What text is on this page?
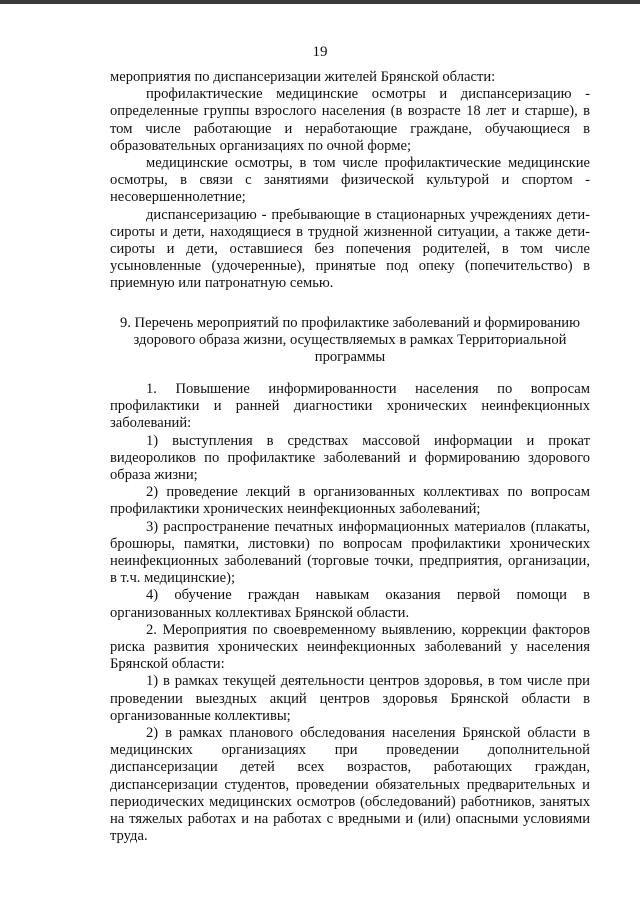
19

мероприятия по диспансеризации жителей Брянской области:

профилактические медицинские осмотры и диспансеризацию - определенные группы взрослого населения (в возрасте 18 лет и старше), в том числе работающие и неработающие граждане, обучающиеся в образовательных организациях по очной форме;

медицинские осмотры, в том числе профилактические медицинские осмотры, в связи с занятиями физической культурой и спортом - несовершеннолетние;

диспансеризацию - пребывающие в стационарных учреждениях дети-сироты и дети, находящиеся в трудной жизненной ситуации, а также дети-сироты и дети, оставшиеся без попечения родителей, в том числе усыновленные (удочеренные), принятые под опеку (попечительство) в приемную или патронатную семью.

9. Перечень мероприятий по профилактике заболеваний и формированию здорового образа жизни, осуществляемых в рамках Территориальной программы

1. Повышение информированности населения по вопросам профилактики и ранней диагностики хронических неинфекционных заболеваний:

1) выступления в средствах массовой информации и прокат видеороликов по профилактике заболеваний и формированию здорового образа жизни;

2) проведение лекций в организованных коллективах по вопросам профилактики хронических неинфекционных заболеваний;

3) распространение печатных информационных материалов (плакаты, брошюры, памятки, листовки) по вопросам профилактики хронических неинфекционных заболеваний (торговые точки, предприятия, организации, в т.ч. медицинские);

4) обучение граждан навыкам оказания первой помощи в организованных коллективах Брянской области.

2. Мероприятия по своевременному выявлению, коррекции факторов риска развития хронических неинфекционных заболеваний у населения Брянской области:

1) в рамках текущей деятельности центров здоровья, в том числе при проведении выездных акций центров здоровья Брянской области в организованные коллективы;

2) в рамках планового обследования населения Брянской области в медицинских организациях при проведении дополнительной диспансеризации детей всех возрастов, работающих граждан, диспансеризации студентов, проведении обязательных предварительных и периодических медицинских осмотров (обследований) работников, занятых на тяжелых работах и на работах с вредными и (или) опасными условиями труда.
